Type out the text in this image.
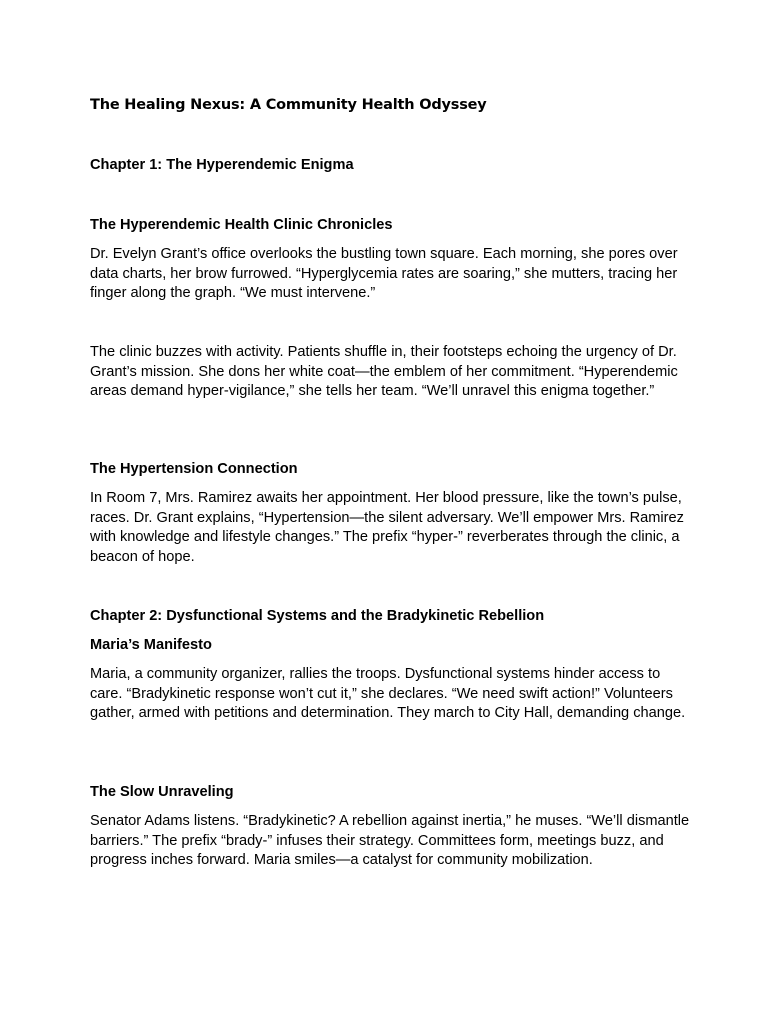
The Healing Nexus: A Community Health Odyssey
Chapter 1: The Hyperendemic Enigma
The Hyperendemic Health Clinic Chronicles

Dr. Evelyn Grant’s office overlooks the bustling town square. Each morning, she pores over data charts, her brow furrowed. “Hyperglycemia rates are soaring,” she mutters, tracing her finger along the graph. “We must intervene.”

The clinic buzzes with activity. Patients shuffle in, their footsteps echoing the urgency of Dr. Grant’s mission. She dons her white coat—the emblem of her commitment. “Hyperendemic areas demand hyper-vigilance,” she tells her team. “We’ll unravel this enigma together.”

The Hypertension Connection

In Room 7, Mrs. Ramirez awaits her appointment. Her blood pressure, like the town’s pulse, races. Dr. Grant explains, “Hypertension—the silent adversary. We’ll empower Mrs. Ramirez with knowledge and lifestyle changes.” The prefix “hyper-” reverberates through the clinic, a beacon of hope.

Chapter 2: Dysfunctional Systems and the Bradykinetic Rebellion
Maria’s Manifesto

Maria, a community organizer, rallies the troops. Dysfunctional systems hinder access to care. “Bradykinetic response won’t cut it,” she declares. “We need swift action!” Volunteers gather, armed with petitions and determination. They march to City Hall, demanding change.

The Slow Unraveling

Senator Adams listens. “Bradykinetic? A rebellion against inertia,” he muses. “We’ll dismantle barriers.” The prefix “brady-” infuses their strategy. Committees form, meetings buzz, and progress inches forward. Maria smiles—a catalyst for community mobilization.
